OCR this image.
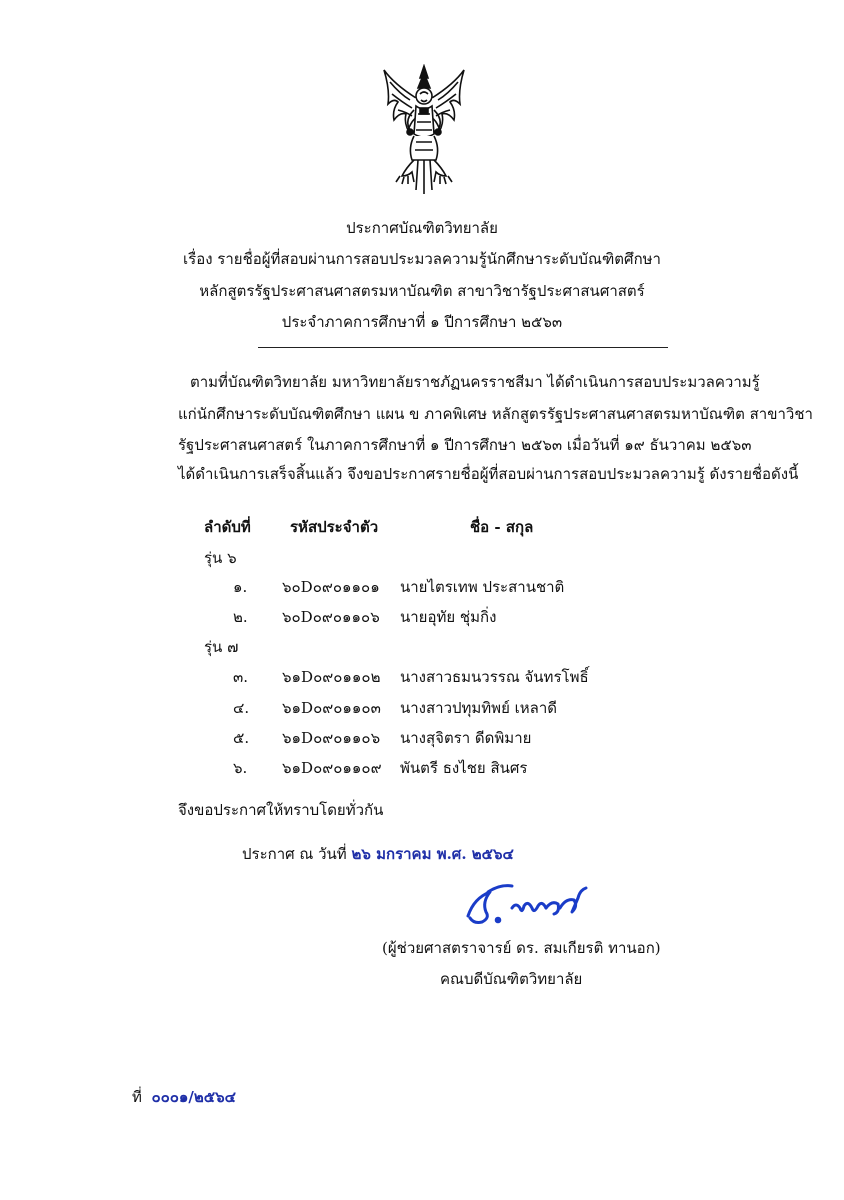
ประกาศบัณฑิตวิทยาลัย
เรื่อง รายชื่อผู้ที่สอบผ่านการสอบประมวลความรู้นักศึกษาระดับบัณฑิตศึกษา
หลักสูตรรัฐประศาสนศาสตรมหาบัณฑิต สาขาวิชารัฐประศาสนศาสตร์
ประจำภาคการศึกษาที่ ๑ ปีการศึกษา ๒๕๖๓
ตามที่บัณฑิตวิทยาลัย มหาวิทยาลัยราชภัฏนครราชสีมา ได้ดำเนินการสอบประมวลความรู้
แก่นักศึกษาระดับบัณฑิตศึกษา แผน ข ภาคพิเศษ หลักสูตรรัฐประศาสนศาสตรมหาบัณฑิต สาขาวิชา
รัฐประศาสนศาสตร์ ในภาคการศึกษาที่ ๑ ปีการศึกษา ๒๕๖๓ เมื่อวันที่ ๑๙ ธันวาคม ๒๕๖๓
ได้ดำเนินการเสร็จสิ้นแล้ว จึงขอประกาศรายชื่อผู้ที่สอบผ่านการสอบประมวลความรู้ ดังรายชื่อดังนี้
ลำดับที่	รหัสประจำตัว	ชื่อ - สกุล
รุ่น ๖
๑. ๖๐D๐๙๐๑๑๐๑ นายไตรเทพ ประสานชาติ
๒. ๖๐D๐๙๐๑๑๐๖ นายอุทัย ชุ่มกิ่ง
รุ่น ๗
๓. ๖๑D๐๙๐๑๑๐๒ นางสาวธมนวรรณ จันทรโพธิ์
๔. ๖๑D๐๙๐๑๑๐๓ นางสาวปทุมทิพย์ เหลาดี
๕. ๖๑D๐๙๐๑๑๐๖ นางสุจิตรา ดีดพิมาย
๖. ๖๑D๐๙๐๑๑๐๙ พันตรี ธงไชย สินศร
จึงขอประกาศให้ทราบโดยทั่วกัน
ประกาศ ณ วันที่ ๒๖ มกราคม พ.ศ. ๒๕๖๔
(ผู้ช่วยศาสตราจารย์ ดร. สมเกียรติ ทานอก)
คณบดีบัณฑิตวิทยาลัย
ที่ ๐๐๐๑/๒๕๖๔
